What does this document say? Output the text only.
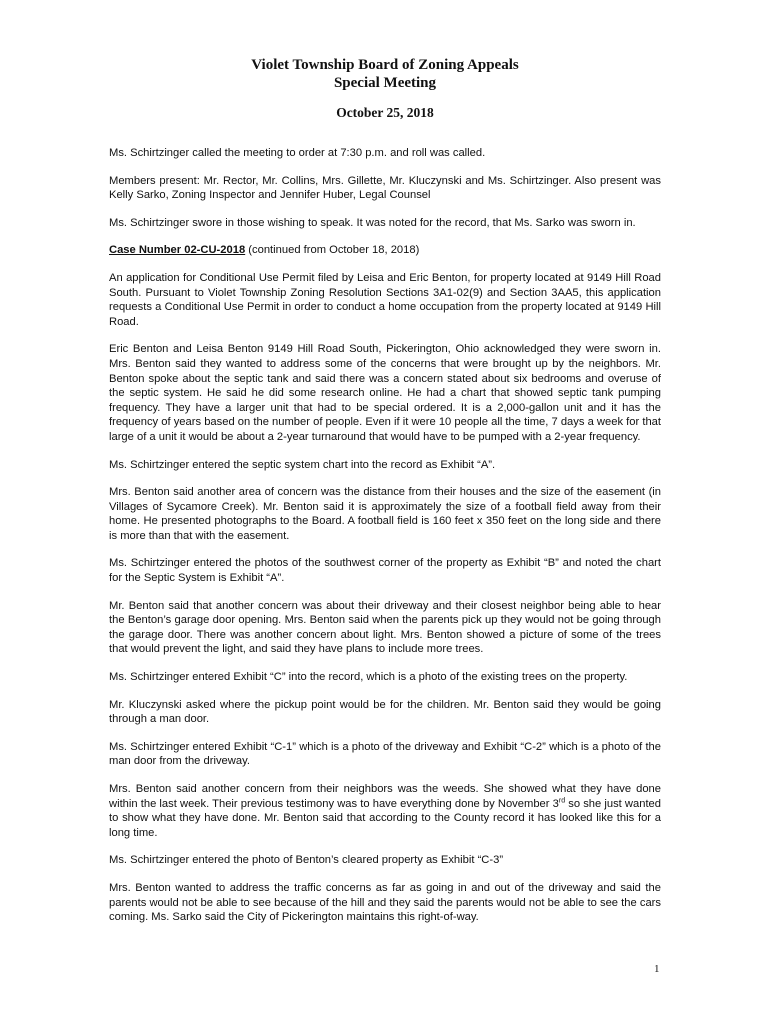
Violet Township Board of Zoning Appeals
Special Meeting
October 25, 2018

Ms. Schirtzinger called the meeting to order at 7:30 p.m. and roll was called.

Members present: Mr. Rector, Mr. Collins, Mrs. Gillette, Mr. Kluczynski and Ms. Schirtzinger. Also present was Kelly Sarko, Zoning Inspector and Jennifer Huber, Legal Counsel

Ms. Schirtzinger swore in those wishing to speak. It was noted for the record, that Ms. Sarko was sworn in.

Case Number 02-CU-2018 (continued from October 18, 2018)

An application for Conditional Use Permit filed by Leisa and Eric Benton, for property located at 9149 Hill Road South. Pursuant to Violet Township Zoning Resolution Sections 3A1-02(9) and Section 3AA5, this application requests a Conditional Use Permit in order to conduct a home occupation from the property located at 9149 Hill Road.

Eric Benton and Leisa Benton 9149 Hill Road South, Pickerington, Ohio acknowledged they were sworn in. Mrs. Benton said they wanted to address some of the concerns that were brought up by the neighbors. Mr. Benton spoke about the septic tank and said there was a concern stated about six bedrooms and overuse of the septic system. He said he did some research online. He had a chart that showed septic tank pumping frequency. They have a larger unit that had to be special ordered. It is a 2,000-gallon unit and it has the frequency of years based on the number of people. Even if it were 10 people all the time, 7 days a week for that large of a unit it would be about a 2-year turnaround that would have to be pumped with a 2-year frequency.

Ms. Schirtzinger entered the septic system chart into the record as Exhibit “A”.

Mrs. Benton said another area of concern was the distance from their houses and the size of the easement (in Villages of Sycamore Creek). Mr. Benton said it is approximately the size of a football field away from their home. He presented photographs to the Board. A football field is 160 feet x 350 feet on the long side and there is more than that with the easement.

Ms. Schirtzinger entered the photos of the southwest corner of the property as Exhibit “B” and noted the chart for the Septic System is Exhibit “A”.

Mr. Benton said that another concern was about their driveway and their closest neighbor being able to hear the Benton’s garage door opening. Mrs. Benton said when the parents pick up they would not be going through the garage door. There was another concern about light. Mrs. Benton showed a picture of some of the trees that would prevent the light, and said they have plans to include more trees.

Ms. Schirtzinger entered Exhibit “C” into the record, which is a photo of the existing trees on the property.

Mr. Kluczynski asked where the pickup point would be for the children. Mr. Benton said they would be going through a man door.

Ms. Schirtzinger entered Exhibit “C-1” which is a photo of the driveway and Exhibit “C-2” which is a photo of the man door from the driveway.

Mrs. Benton said another concern from their neighbors was the weeds. She showed what they have done within the last week. Their previous testimony was to have everything done by November 3rd so she just wanted to show what they have done. Mr. Benton said that according to the County record it has looked like this for a long time.

Ms. Schirtzinger entered the photo of Benton’s cleared property as Exhibit “C-3”

Mrs. Benton wanted to address the traffic concerns as far as going in and out of the driveway and said the parents would not be able to see because of the hill and they said the parents would not be able to see the cars coming. Ms. Sarko said the City of Pickerington maintains this right-of-way.

1
